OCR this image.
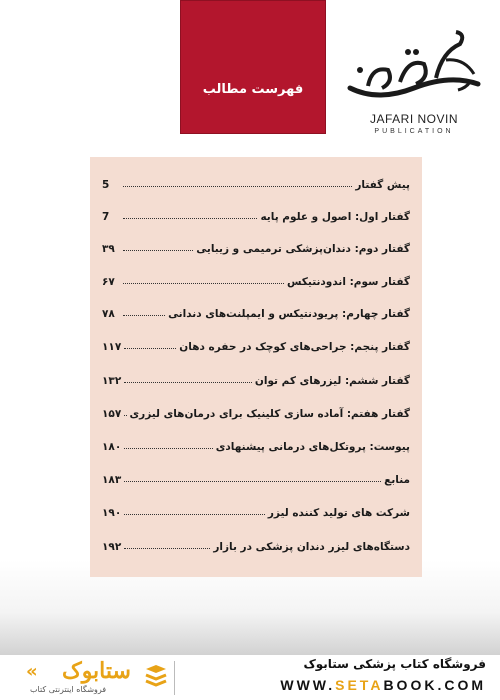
فهرست مطالب
JAFARI NOVIN
PUBLICATION
پیش گفتار
5
گفتار اول: اصول و علوم پایه
7
گفتار دوم: دندان‌پزشکی ترمیمی و زیبایی
۳۹
گفتار سوم: اندودنتیکس
۶۷
گفتار چهارم: پریودنتیکس و ایمپلنت‌های دندانی
۷۸
گفتار پنجم: جراحی‌های کوچک در حفره دهان
۱۱۷
گفتار ششم: لیزرهای کم توان
۱۳۲
گفتار هفتم: آماده سازی کلینیک برای درمان‌های لیزری
۱۵۷
پیوست: پروتکل‌های درمانی پیشنهادی
۱۸۰
منابع
۱۸۳
شرکت های تولید کننده لیزر
۱۹۰
دستگاه‌های لیزر دندان پزشکی در بازار
۱۹۲
فروشگاه کتاب پزشکی ستابوک
WWW.SETABOOK.COM
ستابوک
«
فروشگاه اینترنتی کتاب
